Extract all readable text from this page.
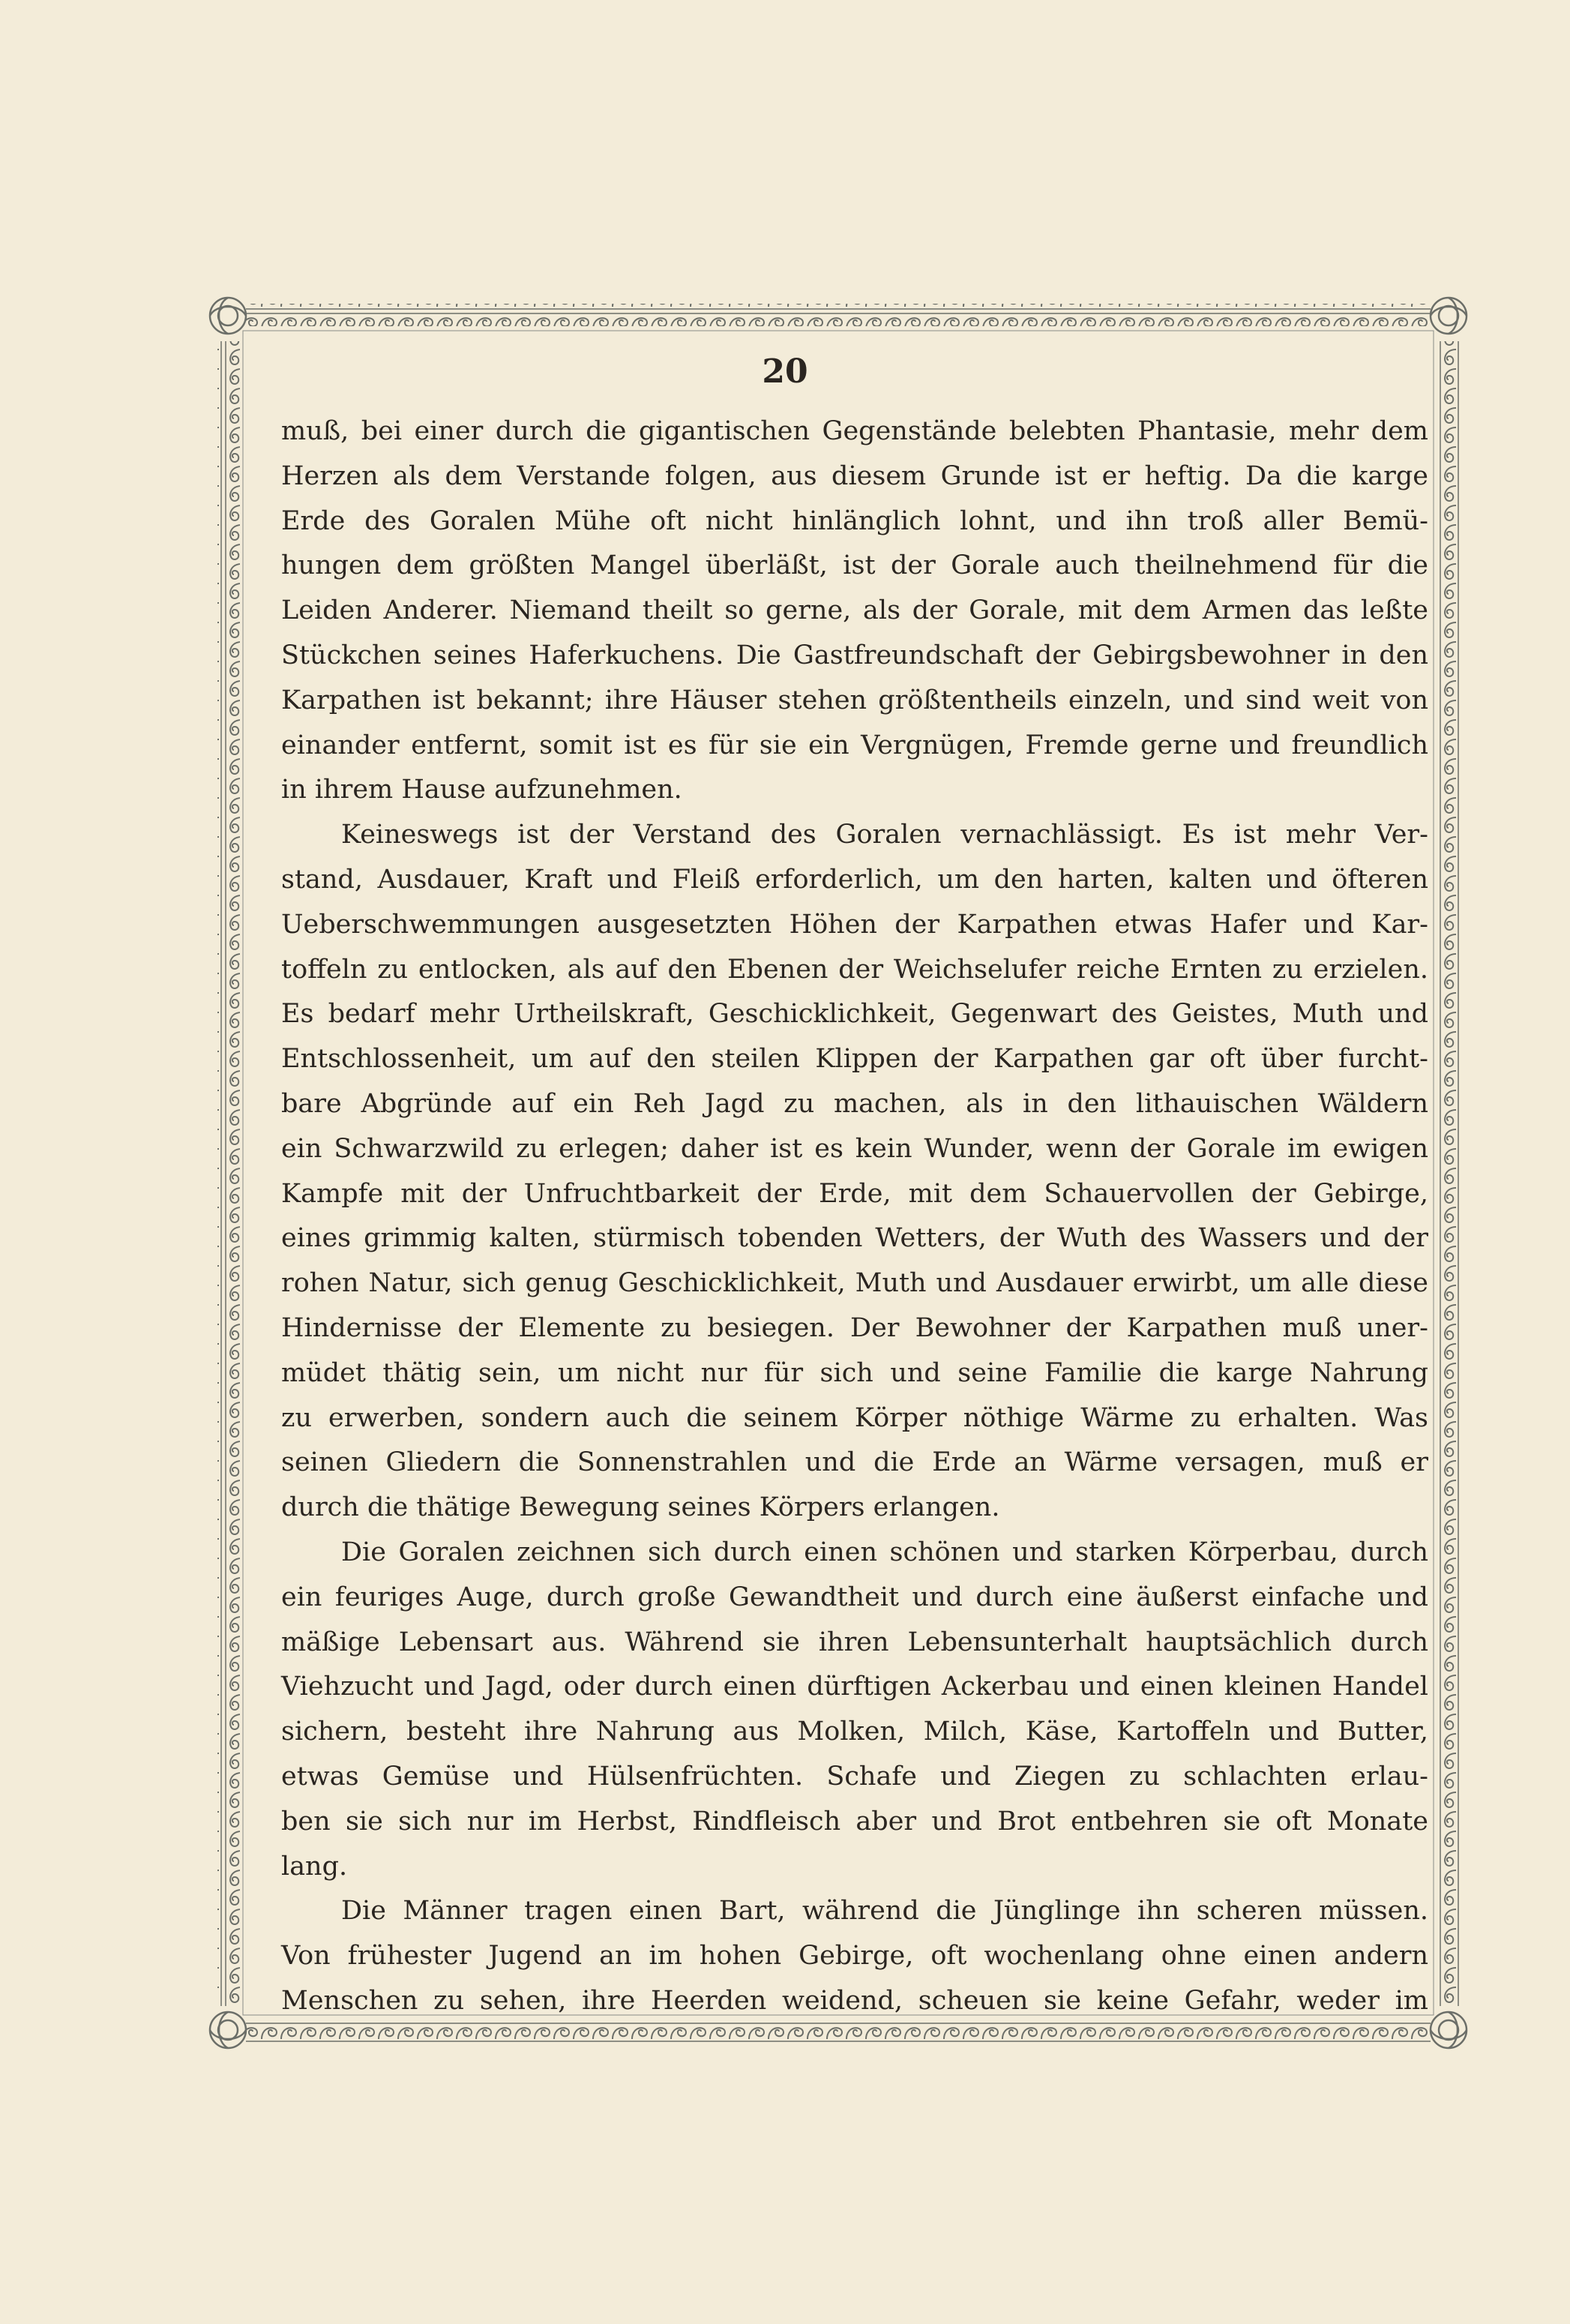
20
muß, bei einer durch die gigantischen Gegenstände belebten Phantasie, mehr dem
Herzen als dem Verstande folgen, aus diesem Grunde ist er heftig. Da die karge
Erde des Goralen Mühe oft nicht hinlänglich lohnt, und ihn troß aller Bemü-
hungen dem größten Mangel überläßt, ist der Gorale auch theilnehmend für die
Leiden Anderer. Niemand theilt so gerne, als der Gorale, mit dem Armen das leßte
Stückchen seines Haferkuchens. Die Gastfreundschaft der Gebirgsbewohner in den
Karpathen ist bekannt; ihre Häuser stehen größtentheils einzeln, und sind weit von
einander entfernt, somit ist es für sie ein Vergnügen, Fremde gerne und freundlich
in ihrem Hause aufzunehmen.
Keineswegs ist der Verstand des Goralen vernachlässigt. Es ist mehr Ver-
stand, Ausdauer, Kraft und Fleiß erforderlich, um den harten, kalten und öfteren
Ueberschwemmungen ausgesetzten Höhen der Karpathen etwas Hafer und Kar-
toffeln zu entlocken, als auf den Ebenen der Weichselufer reiche Ernten zu erzielen.
Es bedarf mehr Urtheilskraft, Geschicklichkeit, Gegenwart des Geistes, Muth und
Entschlossenheit, um auf den steilen Klippen der Karpathen gar oft über furcht-
bare Abgründe auf ein Reh Jagd zu machen, als in den lithauischen Wäldern
ein Schwarzwild zu erlegen; daher ist es kein Wunder, wenn der Gorale im ewigen
Kampfe mit der Unfruchtbarkeit der Erde, mit dem Schauervollen der Gebirge,
eines grimmig kalten, stürmisch tobenden Wetters, der Wuth des Wassers und der
rohen Natur, sich genug Geschicklichkeit, Muth und Ausdauer erwirbt, um alle diese
Hindernisse der Elemente zu besiegen. Der Bewohner der Karpathen muß uner-
müdet thätig sein, um nicht nur für sich und seine Familie die karge Nahrung
zu erwerben, sondern auch die seinem Körper nöthige Wärme zu erhalten. Was
seinen Gliedern die Sonnenstrahlen und die Erde an Wärme versagen, muß er
durch die thätige Bewegung seines Körpers erlangen.
Die Goralen zeichnen sich durch einen schönen und starken Körperbau, durch
ein feuriges Auge, durch große Gewandtheit und durch eine äußerst einfache und
mäßige Lebensart aus. Während sie ihren Lebensunterhalt hauptsächlich durch
Viehzucht und Jagd, oder durch einen dürftigen Ackerbau und einen kleinen Handel
sichern, besteht ihre Nahrung aus Molken, Milch, Käse, Kartoffeln und Butter,
etwas Gemüse und Hülsenfrüchten. Schafe und Ziegen zu schlachten erlau-
ben sie sich nur im Herbst, Rindfleisch aber und Brot entbehren sie oft Monate
lang.
Die Männer tragen einen Bart, während die Jünglinge ihn scheren müssen.
Von frühester Jugend an im hohen Gebirge, oft wochenlang ohne einen andern
Menschen zu sehen, ihre Heerden weidend, scheuen sie keine Gefahr, weder im
